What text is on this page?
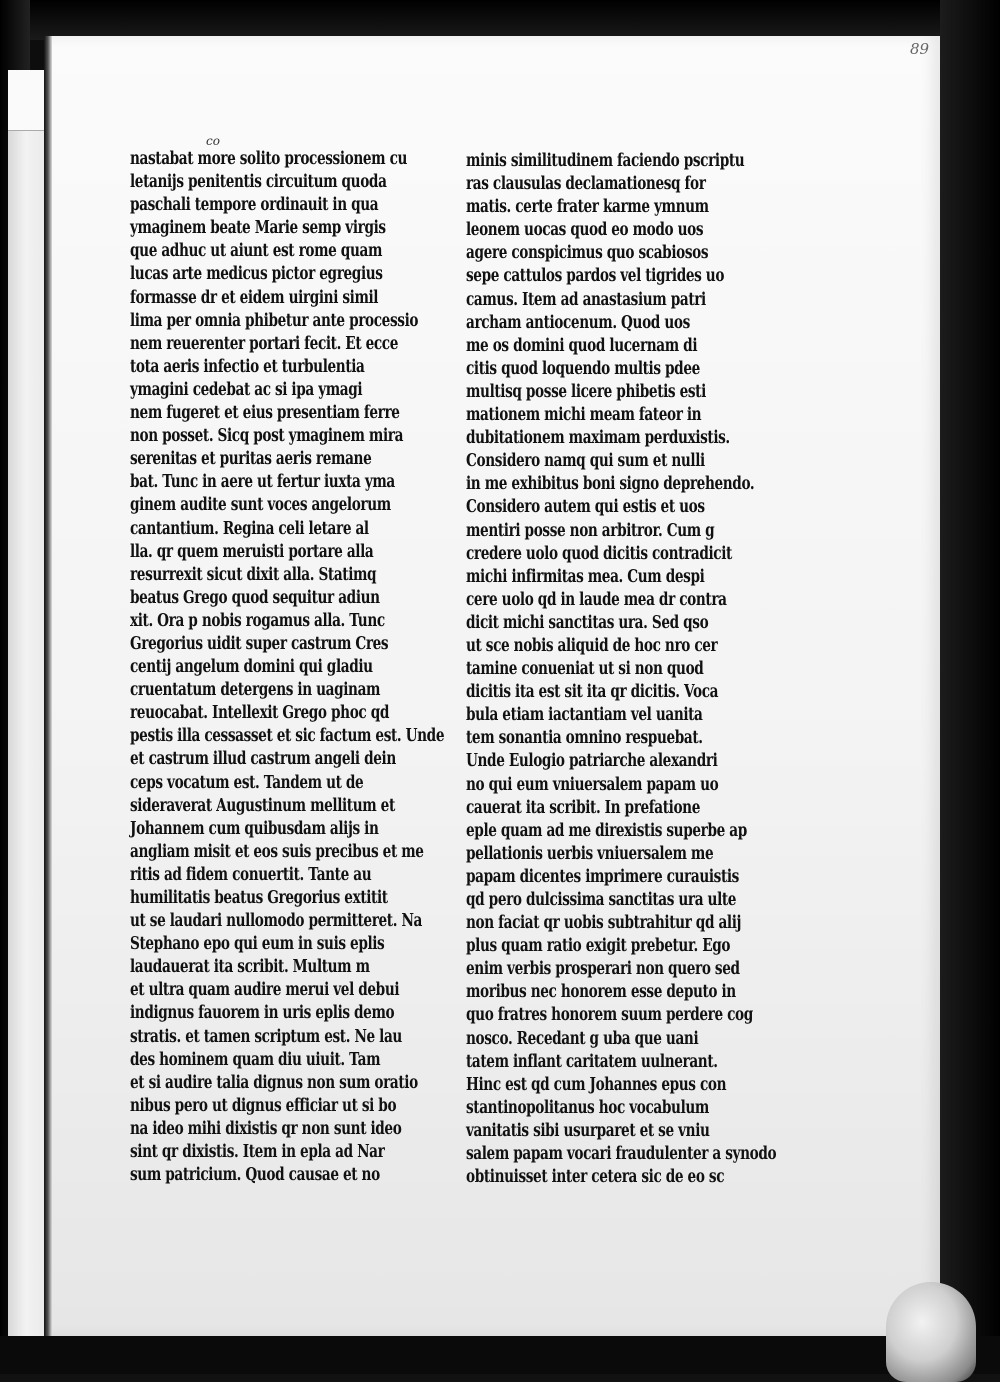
89
co
nastabat more solito processionem cu
letanijs penitentis circuitum quoda
paschali tempore ordinauit in qua
ymaginem beate Marie semp virgis
que adhuc ut aiunt est rome quam
lucas arte medicus pictor egregius
formasse dr et eidem uirgini simil
lima per omnia phibetur ante processio
nem reuerenter portari fecit. Et ecce
tota aeris infectio et turbulentia
ymagini cedebat ac si ipa ymagi
nem fugeret et eius presentiam ferre
non posset. Sicq post ymaginem mira
serenitas et puritas aeris remane
bat. Tunc in aere ut fertur iuxta yma
ginem audite sunt voces angelorum
cantantium. Regina celi letare al
lla. qr quem meruisti portare alla
resurrexit sicut dixit alla. Statimq
beatus Grego quod sequitur adiun
xit. Ora p nobis rogamus alla. Tunc
Gregorius uidit super castrum Cres
centij angelum domini qui gladiu
cruentatum detergens in uaginam
reuocabat. Intellexit Grego phoc qd
pestis illa cessasset et sic factum est. Unde
et castrum illud castrum angeli dein
ceps vocatum est. Tandem ut de
sideraverat Augustinum mellitum et
Johannem cum quibusdam alijs in
angliam misit et eos suis precibus et me
ritis ad fidem conuertit. Tante au
humilitatis beatus Gregorius extitit
ut se laudari nullomodo permitteret. Na
Stephano epo qui eum in suis eplis
laudauerat ita scribit. Multum m
et ultra quam audire merui vel debui
indignus fauorem in uris eplis demo
stratis. et tamen scriptum est. Ne lau
des hominem quam diu uiuit. Tam
et si audire talia dignus non sum oratio
nibus pero ut dignus efficiar ut si bo
na ideo mihi dixistis qr non sunt ideo
sint qr dixistis. Item in epla ad Nar
sum patricium. Quod causae et no
minis similitudinem faciendo pscriptu
ras clausulas declamationesq for
matis. certe frater karme ymnum
leonem uocas quod eo modo uos
agere conspicimus quo scabiosos
sepe cattulos pardos vel tigrides uo
camus. Item ad anastasium patri
archam antiocenum. Quod uos
me os domini quod lucernam di
citis quod loquendo multis pdee
multisq posse licere phibetis esti
mationem michi meam fateor in
dubitationem maximam perduxistis.
Considero namq qui sum et nulli
in me exhibitus boni signo deprehendo.
Considero autem qui estis et uos
mentiri posse non arbitror. Cum g
credere uolo quod dicitis contradicit
michi infirmitas mea. Cum despi
cere uolo qd in laude mea dr contra
dicit michi sanctitas ura. Sed qso
ut sce nobis aliquid de hoc nro cer
tamine conueniat ut si non quod
dicitis ita est sit ita qr dicitis. Voca
bula etiam iactantiam vel uanita
tem sonantia omnino respuebat.
Unde Eulogio patriarche alexandri
no qui eum vniuersalem papam uo
cauerat ita scribit. In prefatione
eple quam ad me direxistis superbe ap
pellationis uerbis vniuersalem me
papam dicentes imprimere curauistis
qd pero dulcissima sanctitas ura ulte
non faciat qr uobis subtrahitur qd alij
plus quam ratio exigit prebetur. Ego
enim verbis prosperari non quero sed
moribus nec honorem esse deputo in
quo fratres honorem suum perdere cog
nosco. Recedant g uba que uani
tatem inflant caritatem uulnerant.
Hinc est qd cum Johannes epus con
stantinopolitanus hoc vocabulum
vanitatis sibi usurparet et se vniu
salem papam vocari fraudulenter a synodo
obtinuisset inter cetera sic de eo sc
